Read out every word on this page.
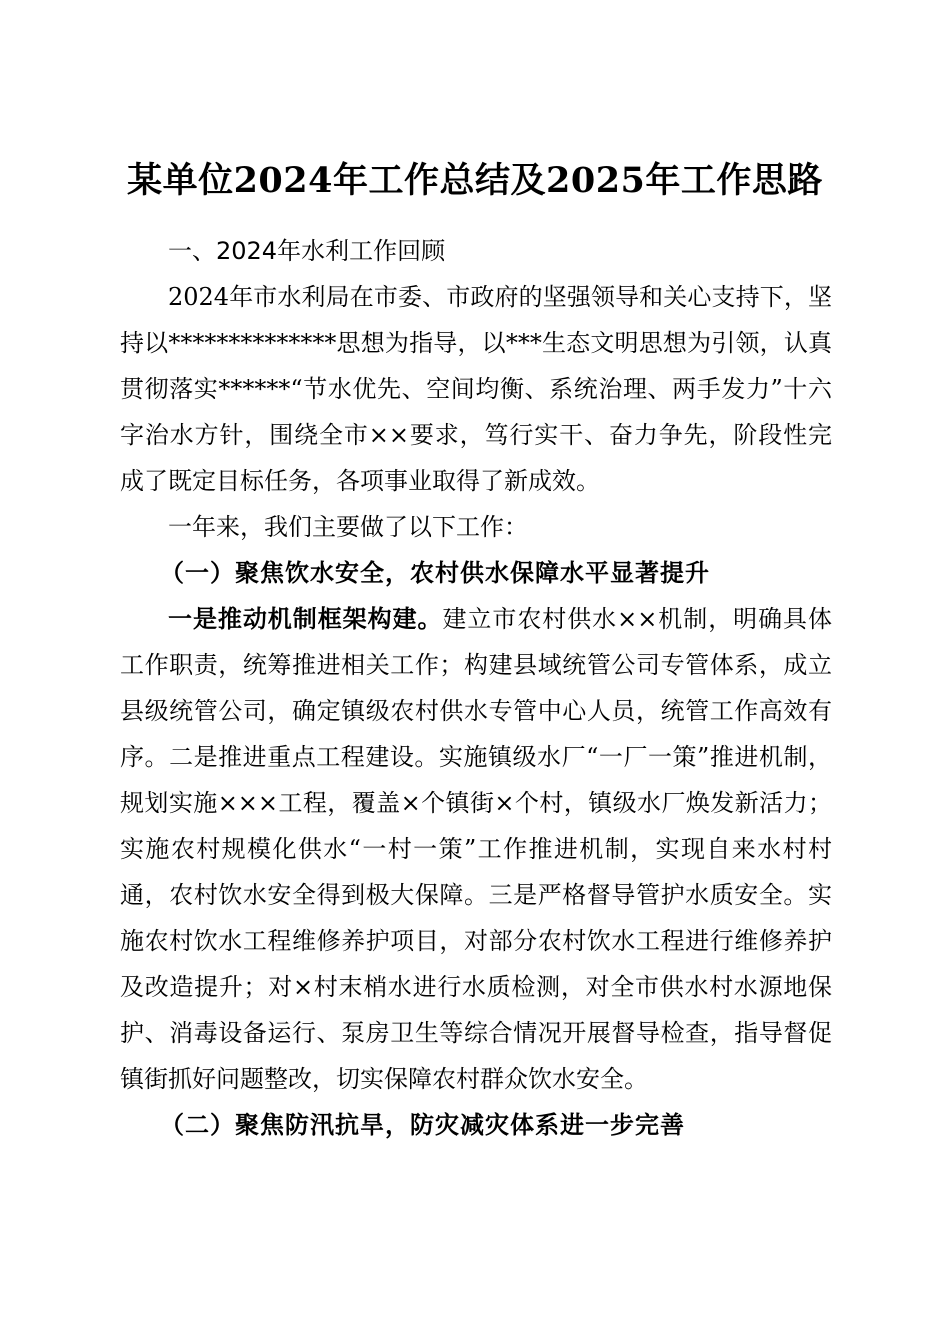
某单位2024年工作总结及2025年工作思路

一、2024年水利工作回顾

2024年市水利局在市委、市政府的坚强领导和关心支持下，坚持以**************思想为指导，以***生态文明思想为引领，认真贯彻落实******“节水优先、空间均衡、系统治理、两手发力”十六字治水方针，围绕全市××要求，笃行实干、奋力争先，阶段性完成了既定目标任务，各项事业取得了新成效。

一年来，我们主要做了以下工作：

（一）聚焦饮水安全，农村供水保障水平显著提升

一是推动机制框架构建。建立市农村供水××机制，明确具体工作职责，统筹推进相关工作；构建县域统管公司专管体系，成立县级统管公司，确定镇级农村供水专管中心人员，统管工作高效有序。二是推进重点工程建设。实施镇级水厂“一厂一策”推进机制，规划实施×××工程，覆盖×个镇街×个村，镇级水厂焕发新活力；实施农村规模化供水“一村一策”工作推进机制，实现自来水村村通，农村饮水安全得到极大保障。三是严格督导管护水质安全。实施农村饮水工程维修养护项目，对部分农村饮水工程进行维修养护及改造提升；对×村末梢水进行水质检测，对全市供水村水源地保护、消毒设备运行、泵房卫生等综合情况开展督导检查，指导督促镇街抓好问题整改，切实保障农村群众饮水安全。

（二）聚焦防汛抗旱，防灾减灾体系进一步完善
